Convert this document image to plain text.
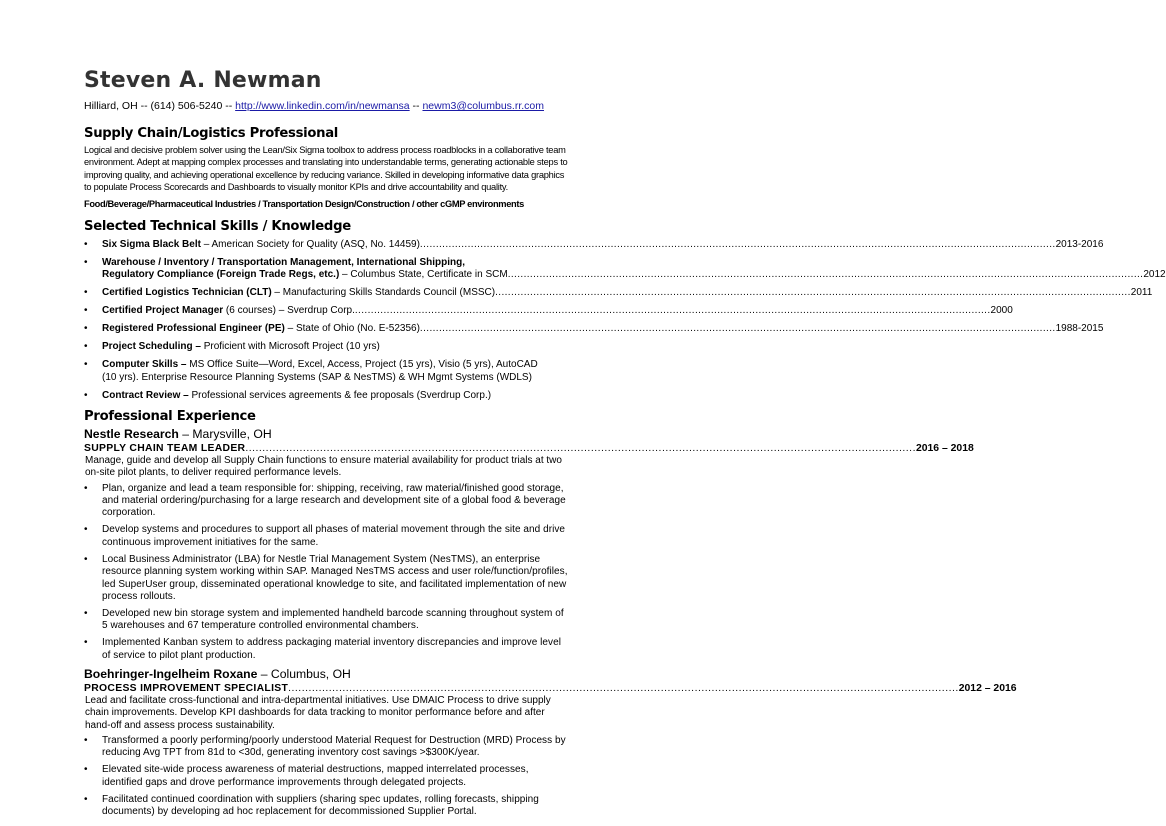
Steven A. Newman
Hilliard, OH -- (614) 506-5240 -- http://www.linkedin.com/in/newmansa -- newm3@columbus.rr.com
Supply Chain/Logistics Professional
Logical and decisive problem solver using the Lean/Six Sigma toolbox to address process roadblocks in a collaborative team environment. Adept at mapping complex processes and translating into understandable terms, generating actionable steps to improving quality, and achieving operational excellence by reducing variance. Skilled in developing informative data graphics to populate Process Scorecards and Dashboards to visually monitor KPIs and drive accountability and quality.
Food/Beverage/Pharmaceutical Industries / Transportation Design/Construction / other cGMP environments
Selected Technical Skills / Knowledge
• Six Sigma Black Belt – American Society for Quality (ASQ, No. 14459) .....	2013-2016
• Warehouse / Inventory / Transportation Management, International Shipping,
Regulatory Compliance (Foreign Trade Regs, etc.) – Columbus State, Certificate in SCM .....	2012
• Certified Logistics Technician (CLT) – Manufacturing Skills Standards Council (MSSC) .....	2011
• Certified Project Manager (6 courses) – Sverdrup Corp. .....	2000
• Registered Professional Engineer (PE) – State of Ohio (No. E-52356) .....	1988-2015
• Project Scheduling – Proficient with Microsoft Project (10 yrs)
• Computer Skills – MS Office Suite—Word, Excel, Access, Project (15 yrs), Visio (5 yrs), AutoCAD
(10 yrs). Enterprise Resource Planning Systems (SAP & NesTMS) & WH Mgmt Systems (WDLS)
• Contract Review – Professional services agreements & fee proposals (Sverdrup Corp.)
Professional Experience
Nestle Research – Marysville, OH
SUPPLY CHAIN TEAM LEADER .....	2016 – 2018
Manage, guide and develop all Supply Chain functions to ensure material availability for product trials at two on-site pilot plants, to deliver required performance levels.
• Plan, organize and lead a team responsible for: shipping, receiving, raw material/finished good storage, and material ordering/purchasing for a large research and development site of a global food & beverage corporation.
• Develop systems and procedures to support all phases of material movement through the site and drive continuous improvement initiatives for the same.
• Local Business Administrator (LBA) for Nestle Trial Management System (NesTMS), an enterprise resource planning system working within SAP. Managed NesTMS access and user role/function/profiles, led SuperUser group, disseminated operational knowledge to site, and facilitated implementation of new process rollouts.
• Developed new bin storage system and implemented handheld barcode scanning throughout system of 5 warehouses and 67 temperature controlled environmental chambers.
• Implemented Kanban system to address packaging material inventory discrepancies and improve level of service to pilot plant production.
Boehringer-Ingelheim Roxane – Columbus, OH
PROCESS IMPROVEMENT SPECIALIST .....	2012 – 2016
Lead and facilitate cross-functional and intra-departmental initiatives. Use DMAIC Process to drive supply chain improvements. Develop KPI dashboards for data tracking to monitor performance before and after hand-off and assess process sustainability.
• Transformed a poorly performing/poorly understood Material Request for Destruction (MRD) Process by reducing Avg TPT from 81d to <30d, generating inventory cost savings >$300K/year.
• Elevated site-wide process awareness of material destructions, mapped interrelated processes, identified gaps and drove performance improvements through delegated projects.
• Facilitated continued coordination with suppliers (sharing spec updates, rolling forecasts, shipping documents) by developing ad hoc replacement for decommissioned Supplier Portal.
